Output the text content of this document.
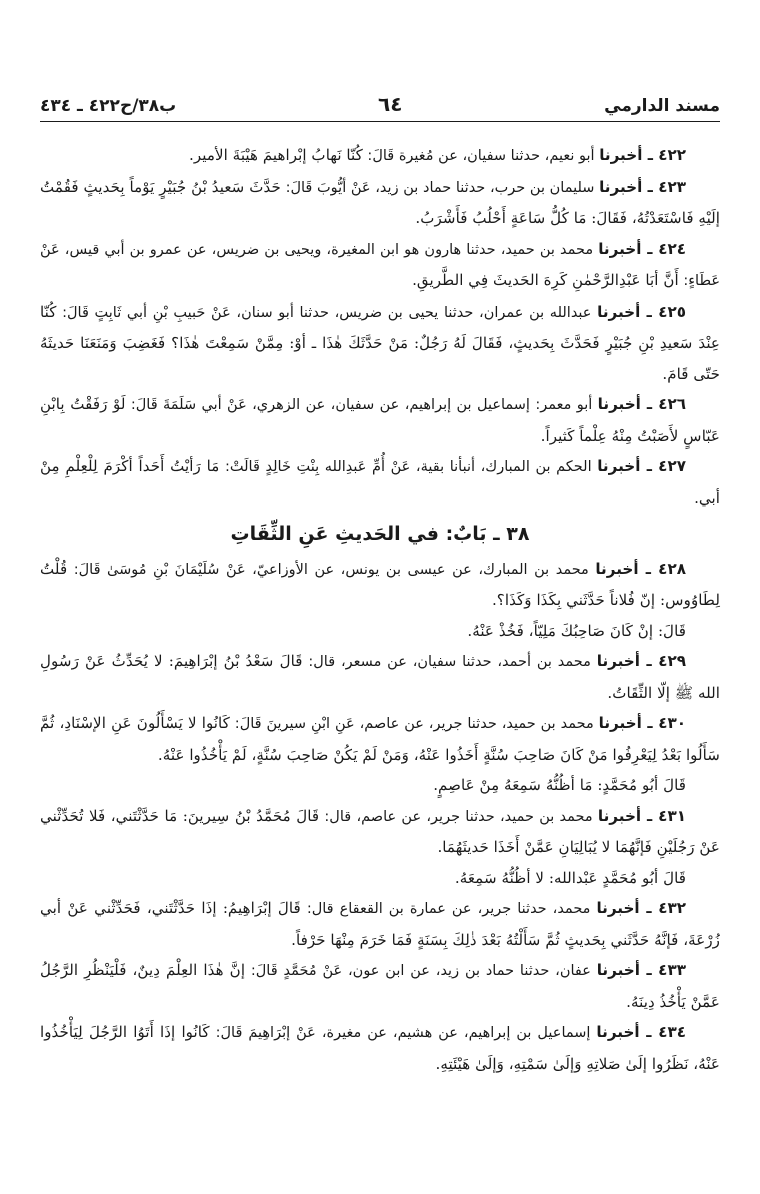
مسند الدارمي
٦٤
ب٣٨/ح٤٢٢ ـ ٤٣٤

٤٢٢ ـ أخبرنا أبو نعيم، حدثنا سفيان، عن مُغيرة قَالَ: كُنّا نَهابُ إبْراهيمَ هَيْبَةَ الأمير.

٤٢٣ ـ أخبرنا سليمان بن حرب، حدثنا حماد بن زيد، عَنْ أيُّوبَ قَالَ: حَدَّثَ سَعيدُ بْنُ جُبَيْرٍ يَوْماً بِحَديثٍ فَقُمْتُ إلَيْهِ فَاسْتَعَدْتُهُ، فَقَالَ: مَا كُلُّ سَاعَةٍ أَحْلُبُ فَأَشْرَبُ.

٤٢٤ ـ أخبرنا محمد بن حميد، حدثنا هارون هو ابن المغيرة، ويحيى بن ضريس، عن عمرو بن أبي قيس، عَنْ عَطَاءٍ: أَنَّ أبَا عَبْدِالرَّحْمٰنِ كَرِهَ الحَديثَ فِي الطَّريقِ.

٤٢٥ ـ أخبرنا عبدالله بن عمران، حدثنا يحيى بن ضريس، حدثنا أبو سنان، عَنْ حَبيبِ بْنِ أبي ثَابِتٍ قَالَ: كُنّا عِنْدَ سَعيدِ بْنِ جُبَيْرٍ فَحَدَّثَ بِحَديثٍ، فَقَالَ لَهُ رَجُلٌ: مَنْ حَدَّثَكَ هٰذَا ـ أوْ: مِمَّنْ سَمِعْتَ هٰذَا؟ فَغَضِبَ وَمَنَعَنَا حَديثَهُ حَتّى قَامَ.

٤٢٦ ـ أخبرنا أبو معمر: إسماعيل بن إبراهيم، عن سفيان، عن الزهري، عَنْ أبي سَلَمَةَ قَالَ: لَوْ رَفَقْتُ بِابْنِ عَبّاسٍ لأَصَبْتُ مِنْهُ عِلْماً كَثيراً.

٤٢٧ ـ أخبرنا الحكم بن المبارك، أنبأنا بقية، عَنْ أُمِّ عَبدِالله بِنْتِ خَالِدٍ قَالَتْ: مَا رَأيْتُ أَحَداً أكْرَمَ لِلْعِلْمِ مِنْ أبي.

٣٨ ـ بَابٌ: في الحَديثِ عَنِ الثِّقَاتِ

٤٢٨ ـ أخبرنا محمد بن المبارك، عن عيسى بن يونس، عن الأوزاعيّ، عَنْ سُلَيْمَانَ بْنِ مُوسَىٰ قَالَ: قُلْتُ لِطَاوُوس: إنّ فُلاناً حَدَّثَني بِكَذَا وَكَذَا؟.

قَالَ: إنْ كَانَ صَاحِبُكَ مَلِيّاً، فَخُذْ عَنْهُ.

٤٢٩ ـ أخبرنا محمد بن أحمد، حدثنا سفيان، عن مسعر، قال: قَالَ سَعْدُ بْنُ إبْرَاهِيمَ: لا يُحَدِّثُ عَنْ رَسُولِ الله ﷺ إلّا الثِّقَاتُ.

٤٣٠ ـ أخبرنا محمد بن حميد، حدثنا جرير، عن عاصم، عَنِ ابْنِ سيرينَ قَالَ: كَانُوا لا يَسْأَلُونَ عَنِ الإسْنَادِ، ثُمَّ سَأَلُوا بَعْدُ لِيَعْرِفُوا مَنْ كَانَ صَاحِبَ سُنَّةٍ أَخَذُوا عَنْهُ، وَمَنْ لَمْ يَكُنْ صَاحِبَ سُنَّةٍ، لَمْ يَأْخُذُوا عَنْهُ.

قَالَ أبُو مُحَمَّدٍ: مَا أظُنُّهُ سَمِعَهُ مِنْ عَاصِمٍ.

٤٣١ ـ أخبرنا محمد بن حميد، حدثنا جرير، عن عاصم، قال: قَالَ مُحَمَّدُ بْنُ سِيرينَ: مَا حَدَّثْتَني، فَلا تُحَدِّثْني عَنْ رَجُلَيْنِ فَإنَّهُمَا لا يُبَالِيَانِ عَمَّنْ أَخَذَا حَديثَهُمَا.

قَالَ أبُو مُحَمَّدٍ عَبْدالله: لا أظُنُّهُ سَمِعَهُ.

٤٣٢ ـ أخبرنا محمد، حدثنا جرير، عن عمارة بن القعقاع قال: قَالَ إبْرَاهِيمُ: إذَا حَدَّثْتَني، فَحَدِّثْني عَنْ أبي زُرْعَةَ، فَإنَّهُ حَدَّثَني بِحَديثٍ ثُمَّ سَأَلْتُهُ بَعْدَ ذٰلِكَ بِسَنَةٍ فَمَا خَرَمَ مِنْهَا حَرْفاً.

٤٣٣ ـ أخبرنا عفان، حدثنا حماد بن زيد، عن ابن عون، عَنْ مُحَمَّدٍ قَالَ: إنَّ هٰذَا العِلْمَ دِينٌ، فَلْيَنْظُرِ الرَّجُلُ عَمَّنْ يَأْخُذُ دِينَهُ.

٤٣٤ ـ أخبرنا إسماعيل بن إبراهيم، عن هشيم، عن مغيرة، عَنْ إبْرَاهِيمَ قَالَ: كَانُوا إذَا أَتَوُا الرَّجُلَ لِيَأْخُذُوا عَنْهُ، نَظَرُوا إلَىٰ صَلاتِهِ وَإلَىٰ سَمْتِهِ، وَإلَىٰ هَيْئَتِهِ.
